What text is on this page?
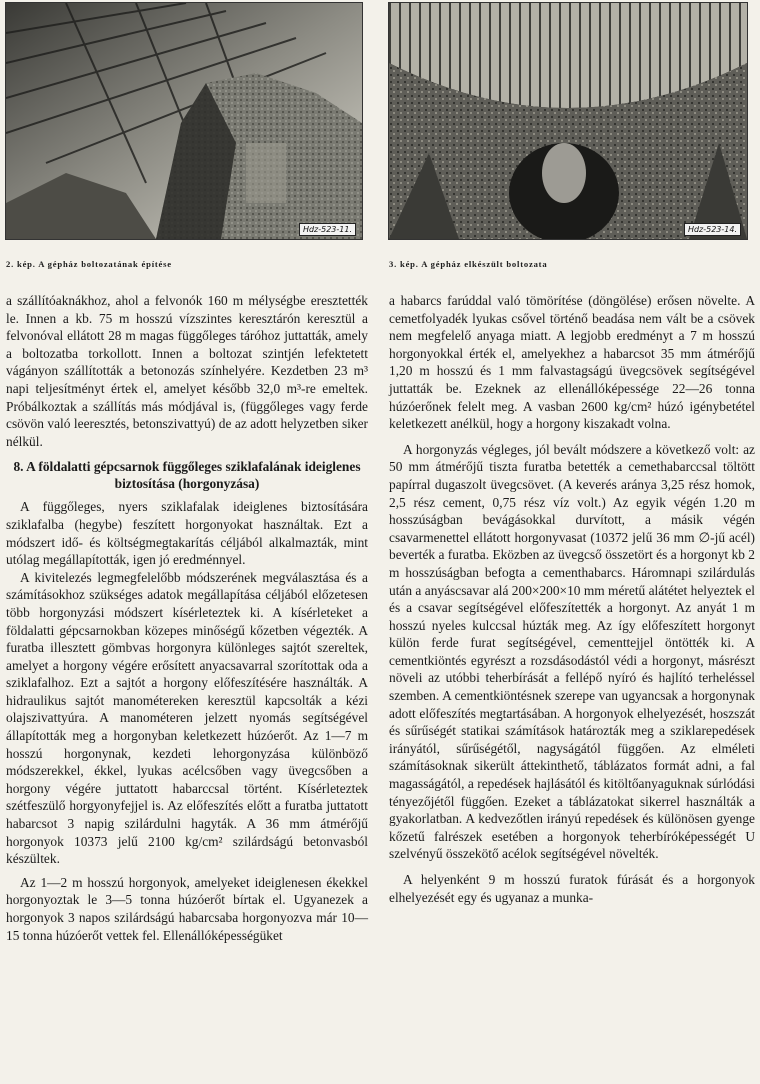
Hdz-523-11.	Hdz-523-14.
2. kép. A gépház boltozatának építése	3. kép. A gépház elkészült boltozata

a szállítóaknákhoz, ahol a felvonók 160 m mélységbe eresztették le. Innen a kb. 75 m hosszú vízszintes keresztárón keresztül a felvonóval ellátott 28 m magas függőleges táróhoz juttatták, amely a boltozatba torkollott. Innen a boltozat szintjén lefektetett vágányon szállították a betonozás színhelyére. Kezdetben 23 m³ napi teljesítményt értek el, amelyet később 32,0 m³-re emeltek. Próbálkoztak a szállítás más módjával is, (függőleges vagy ferde csövön való leeresztés, betonszivattyú) de az adott helyzetben siker nélkül.

8. A földalatti gépcsarnok függőleges sziklafalának ideiglenes biztosítása (horgonyzása)

A függőleges, nyers sziklafalak ideiglenes biztosítására sziklafalba (hegybe) feszített horgonyokat használtak. Ezt a módszert idő- és költségmegtakarítás céljából alkalmazták, mint utólag megállapították, igen jó eredménnyel.

A kivitelezés legmegfelelőbb módszerének megválasztása és a számításokhoz szükséges adatok megállapítása céljából előzetesen több horgonyzási módszert kísérleteztek ki. A kísérleteket a földalatti gépcsarnokban közepes minőségű kőzetben végezték. A furatba illesztett gömbvas horgonyra különleges sajtót szereltek, amelyet a horgony végére erősített anyacsavarral szorítottak oda a sziklafalhoz. Ezt a sajtót a horgony előfeszítésére használták. A hidraulikus sajtót manométereken keresztül kapcsolták a kézi olajszivattyúra. A manométeren jelzett nyomás segítségével állapították meg a horgonyban keletkezett húzóerőt. Az 1—7 m hosszú horgonynak, kezdeti lehorgonyzása különböző módszerekkel, ékkel, lyukas acélcsőben vagy üvegcsőben a horgony végére juttatott habarccsal történt. Kísérleteztek szétfeszülő horgyonyfejjel is. Az előfeszítés előtt a furatba juttatott habarcsot 3 napig szilárdulni hagyták. A 36 mm átmérőjű horgonyok 10373 jelű 2100 kg/cm² szilárdságú betonvasból készültek.

Az 1—2 m hosszú horgonyok, amelyeket ideiglenesen ékekkel horgonyoztak le 3—5 tonna húzóerőt bírtak el. Ugyanezek a horgonyok 3 napos szilárdságú habarcsaba horgonyozva már 10—15 tonna húzóerőt vettek fel. Ellenállóképességüket

a habarcs farúddal való tömörítése (döngölése) erősen növelte. A cemetfolyadék lyukas csővel történő beadása nem vált be a csövek nem megfelelő anyaga miatt. A legjobb eredményt a 7 m hosszú horgonyokkal érték el, amelyekhez a habarcsot 35 mm átmérőjű 1,20 m hosszú és 1 mm falvastagságú üvegcsövek segítségével juttatták be. Ezeknek az ellenállóképessége 22—26 tonna húzóerőnek felelt meg. A vasban 2600 kg/cm² húzó igénybetétel keletkezett anélkül, hogy a horgony kiszakadt volna.

A horgonyzás végleges, jól bevált módszere a következő volt: az 50 mm átmérőjű tiszta furatba betették a cemethabarccsal töltött papírral dugaszolt üvegcsövet. (A keverés aránya 3,25 rész homok, 2,5 rész cement, 0,75 rész víz volt.) Az egyik végén 1.20 m hosszúságban bevágásokkal durvított, a másik végén csavarmenettel ellátott horgonyvasat (10372 jelű 36 mm ∅-jű acél) beverték a furatba. Eközben az üvegcső összetört és a horgonyt kb 2 m hosszúságban befogta a cementhabarcs. Háromnapi szilárdulás után a anyáscsavar alá 200×200×10 mm méretű alátétet helyeztek el és a csavar segítségével előfeszítették a horgonyt. Az anyát 1 m hosszú nyeles kulccsal húzták meg. Az így előfeszített horgonyt külön ferde furat segítségével, cementtejjel öntötték ki. A cementkiöntés egyrészt a rozsdásodástól védi a horgonyt, másrészt növeli az utóbbi teherbírását a fellépő nyíró és hajlító terheléssel szemben. A cementkiöntésnek szerepe van ugyancsak a horgonynak adott előfeszítés megtartásában. A horgonyok elhelyezését, hoszszát és sűrűségét statikai számítások határozták meg a sziklarepedések irányától, sűrűségétől, nagyságától függően. Az elméleti számításoknak sikerült áttekinthető, táblázatos formát adni, a fal magasságától, a repedések hajlásától és kitöltőanyaguknak súrlódási tényezőjétől függően. Ezeket a táblázatokat sikerrel használták a gyakorlatban. A kedvezőtlen irányú repedések és különösen gyenge kőzetű falrészek esetében a horgonyok teherbíróképességét U szelvényű összekötő acélok segítségével növelték.

A helyenként 9 m hosszú furatok fúrását és a horgonyok elhelyezését egy és ugyanaz a munka-
